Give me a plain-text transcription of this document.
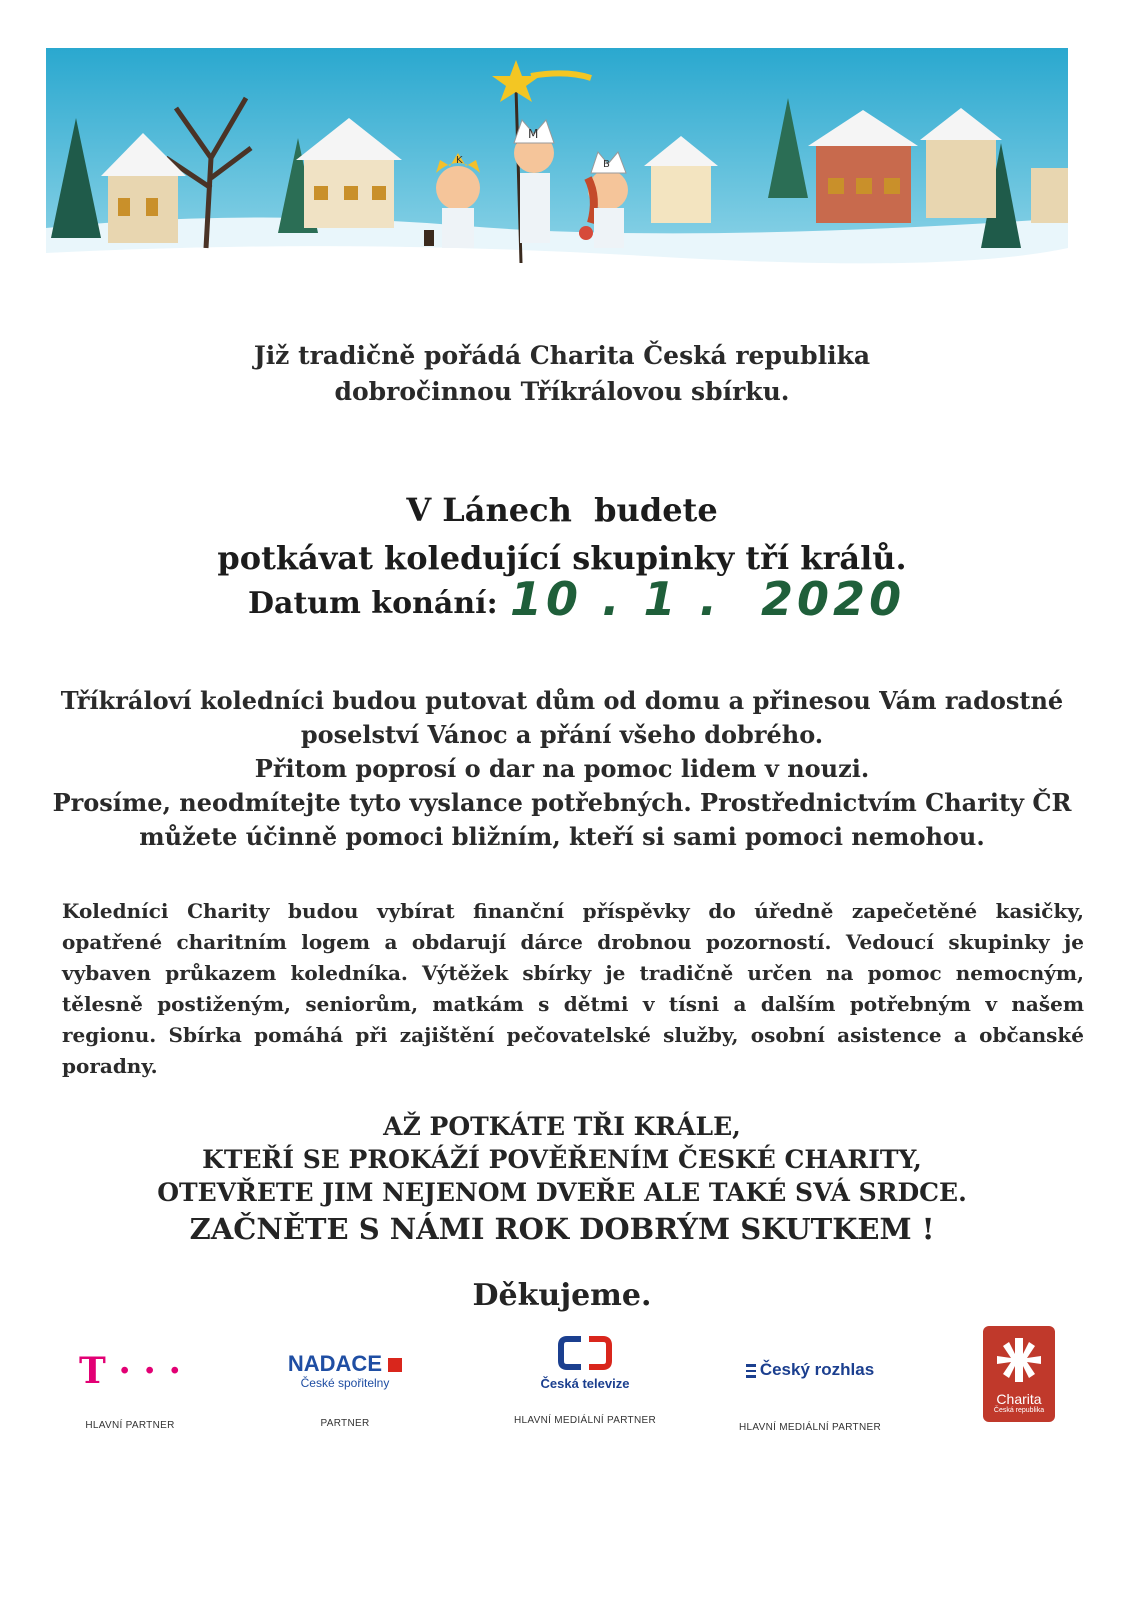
K
M
B
Již tradičně pořádá Charita Česká republika
dobročinnou Tříkrálovou sbírku.
V Lánech  budete
potkávat koledující skupinky tří králů.
Datum konání: 10 . 1 .  2020
Tříkráloví koledníci budou putovat dům od domu a přinesou Vám radostné
poselství Vánoc a přání všeho dobrého.
Přitom poprosí o dar na pomoc lidem v nouzi.
Prosíme, neodmítejte tyto vyslance potřebných. Prostřednictvím Charity ČR
můžete účinně pomoci bližním, kteří si sami pomoci nemohou.
Koledníci Charity budou vybírat finanční příspěvky do úředně zapečetěné kasičky, opatřené charitním logem a obdarují dárce drobnou pozorností. Vedoucí skupinky je vybaven průkazem koledníka. Výtěžek sbírky je tradičně určen na pomoc nemocným, tělesně postiženým, seniorům, matkám s dětmi v tísni a dalším potřebným v našem regionu. Sbírka pomáhá při zajištění pečovatelské služby, osobní asistence a občanské poradny.
AŽ POTKÁTE TŘI KRÁLE,
KTEŘÍ SE PROKÁŽÍ POVĚŘENÍM ČESKÉ CHARITY,
OTEVŘETE JIM NEJENOM DVEŘE ALE TAKÉ SVÁ SRDCE.
ZAČNĚTE S NÁMI ROK DOBRÝM SKUTKEM !
Děkujeme.
T · · ·
HLAVNÍ PARTNER
NADACE
České spořitelny
PARTNER
Česká televize
HLAVNÍ MEDIÁLNÍ PARTNER
Český rozhlas
HLAVNÍ MEDIÁLNÍ PARTNER
Charita
Česká republika
